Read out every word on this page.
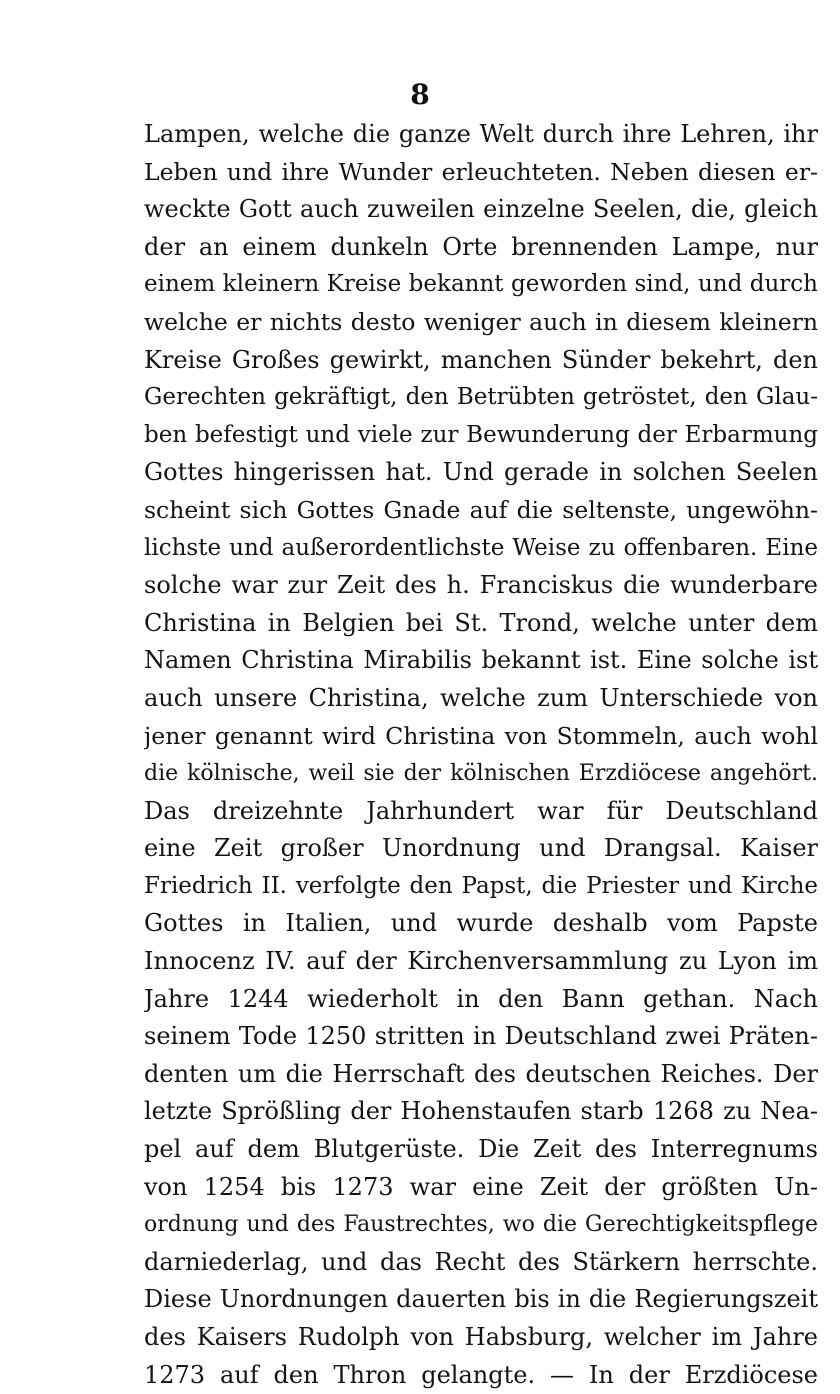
8
Lampen, welche die ganze Welt durch ihre Lehren, ihr
Leben und ihre Wunder erleuchteten. Neben diesen er-
weckte Gott auch zuweilen einzelne Seelen, die, gleich
der an einem dunkeln Orte brennenden Lampe, nur
einem kleinern Kreise bekannt geworden sind, und durch
welche er nichts desto weniger auch in diesem kleinern
Kreise Großes gewirkt, manchen Sünder bekehrt, den
Gerechten gekräftigt, den Betrübten getröstet, den Glau-
ben befestigt und viele zur Bewunderung der Erbarmung
Gottes hingerissen hat. Und gerade in solchen Seelen
scheint sich Gottes Gnade auf die seltenste, ungewöhn-
lichste und außerordentlichste Weise zu offenbaren. Eine
solche war zur Zeit des h. Franciskus die wunderbare
Christina in Belgien bei St. Trond, welche unter dem
Namen Christina Mirabilis bekannt ist. Eine solche ist
auch unsere Christina, welche zum Unterschiede von
jener genannt wird Christina von Stommeln, auch wohl
die kölnische, weil sie der kölnischen Erzdiöcese angehört.
Das dreizehnte Jahrhundert war für Deutschland
eine Zeit großer Unordnung und Drangsal. Kaiser
Friedrich II. verfolgte den Papst, die Priester und Kirche
Gottes in Italien, und wurde deshalb vom Papste
Innocenz IV. auf der Kirchenversammlung zu Lyon im
Jahre 1244 wiederholt in den Bann gethan. Nach
seinem Tode 1250 stritten in Deutschland zwei Präten-
denten um die Herrschaft des deutschen Reiches. Der
letzte Sprößling der Hohenstaufen starb 1268 zu Nea-
pel auf dem Blutgerüste. Die Zeit des Interregnums
von 1254 bis 1273 war eine Zeit der größten Un-
ordnung und des Faustrechtes, wo die Gerechtigkeitspflege
darniederlag, und das Recht des Stärkern herrschte.
Diese Unordnungen dauerten bis in die Regierungszeit
des Kaisers Rudolph von Habsburg, welcher im Jahre
1273 auf den Thron gelangte. — In der Erzdiöcese
